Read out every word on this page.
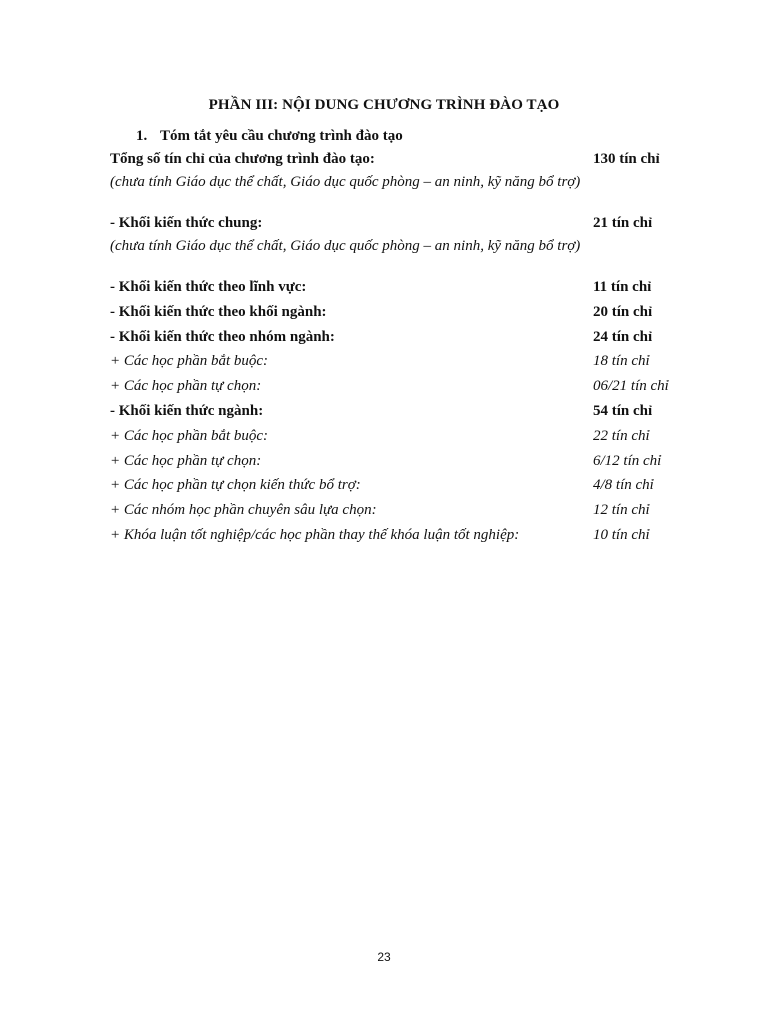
PHẦN III: NỘI DUNG CHƯƠNG TRÌNH ĐÀO TẠO
1. Tóm tắt yêu cầu chương trình đào tạo
Tổng số tín chỉ của chương trình đào tạo:	130 tín chỉ
(chưa tính Giáo dục thể chất, Giáo dục quốc phòng – an ninh, kỹ năng bổ trợ)
- Khối kiến thức chung:	21 tín chỉ
(chưa tính Giáo dục thể chất, Giáo dục quốc phòng – an ninh, kỹ năng bổ trợ)
- Khối kiến thức theo lĩnh vực:	11 tín chỉ
- Khối kiến thức theo khối ngành:	20 tín chỉ
- Khối kiến thức theo nhóm ngành:	24 tín chỉ
+ Các học phần bắt buộc:	18 tín chỉ
+ Các học phần tự chọn:	06/21 tín chỉ
- Khối kiến thức ngành:	54 tín chỉ
+ Các học phần bắt buộc:	22 tín chỉ
+ Các học phần tự chọn:	6/12 tín chỉ
+ Các học phần tự chọn kiến thức bổ trợ:	4/8 tín chỉ
+ Các nhóm học phần chuyên sâu lựa chọn:	12 tín chỉ
+ Khóa luận tốt nghiệp/các học phần thay thế khóa luận tốt nghiệp:	10 tín chỉ
23
